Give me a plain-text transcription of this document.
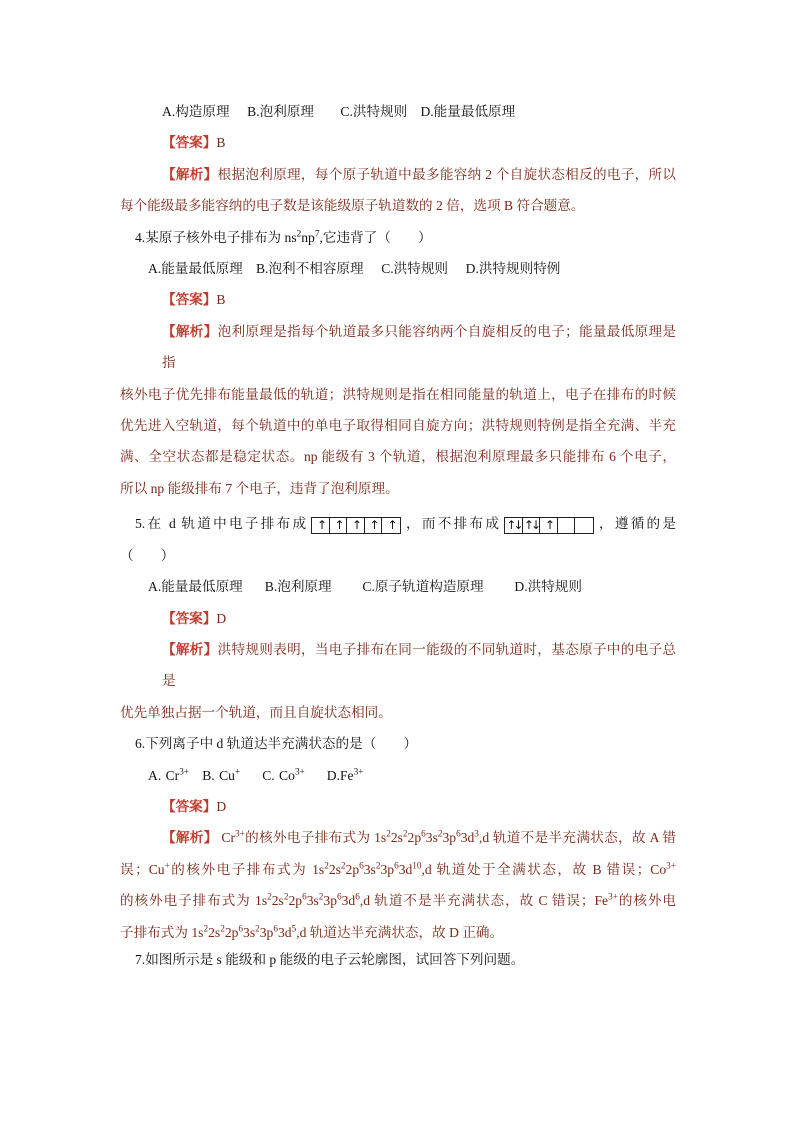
A.构造原理    B.泡利原理      C.洪特规则   D.能量最低原理
【答案】B
【解析】根据泡利原理，每个原子轨道中最多能容纳 2 个自旋状态相反的电子，所以
每个能级最多能容纳的电子数是该能级原子轨道数的 2 倍，选项 B 符合题意。
4.某原子核外电子排布为 $ns^2np^7$,它违背了（　　）
A.能量最低原理   B.泡利不相容原理    C.洪特规则    D.洪特规则特例
【答案】B
【解析】泡利原理是指每个轨道最多只能容纳两个自旋相反的电子；能量最低原理是指
核外电子优先排布能量最低的轨道；洪特规则是指在相同能量的轨道上，电子在排布的时候
优先进入空轨道，每个轨道中的单电子取得相同自旋方向；洪特规则特例是指全充满、半充
满、全空状态都是稳定状态。np 能级有 3 个轨道，根据泡利原理最多只能排布 6 个电子，
所以 np 能级排布 7 个电子，违背了泡利原理。
5.在 d 轨道中电子排布成 ↑ ↑ ↑ ↑ ↑ ，而不排布成 ↑↓ ↑↓ ↑	，遵循的是
（　　）
A.能量最低原理     B.泡利原理       C.原子轨道构造原理       D.洪特规则
【答案】D
【解析】洪特规则表明，当电子排布在同一能级的不同轨道时，基态原子中的电子总是
优先单独占据一个轨道，而且自旋状态相同。
6.下列离子中 d 轨道达半充满状态的是（　　）
A. $Cr^{3+}$   B. Cu+     C. $Co^{3+}$     $D.Fe^{3+}$
【答案】D
【解析】 $Cr^{3+}$的核外电子排布式为 $1s^22s^22p^63s^23p^63d^3,d$ 轨道不是半充满状态，故 A 错
误；Cu+的核外电子排布式为 $1s^22s^22p^63s^23p^63d^{10},d$ 轨道处于全满状态，故 B 错误；$Co^{3+}$
的核外电子排布式为 $1s^22s^22p^63s^23p^63d^6,d$ 轨道不是半充满状态，故 C 错误；$Fe^{3+}$的核外电
子排布式为 $1s^22s^22p^63s^23p^63d^5,d$ 轨道达半充满状态，故 D 正确。
7.如图所示是 s 能级和 p 能级的电子云轮廓图，试回答下列问题。
